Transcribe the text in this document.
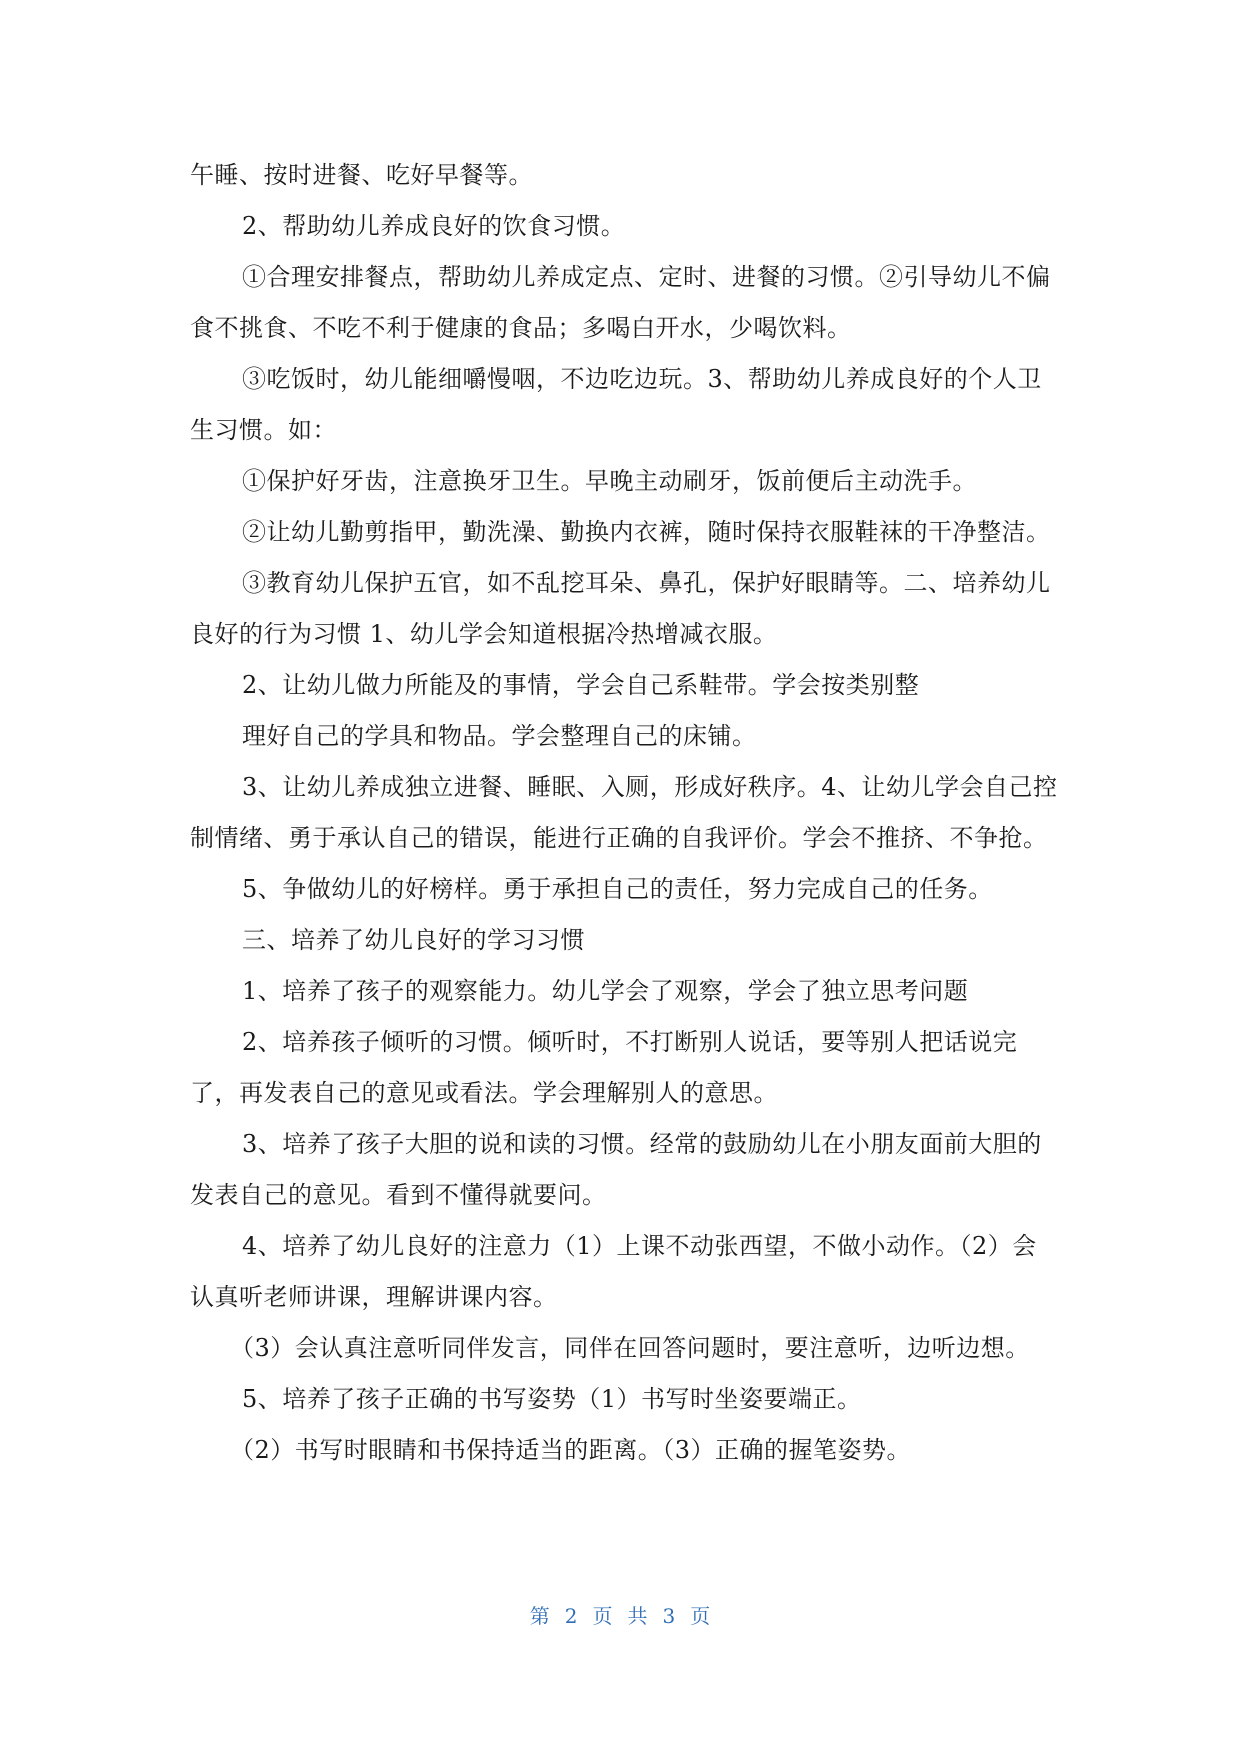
午睡、按时进餐、吃好早餐等。

2、帮助幼儿养成良好的饮食习惯。

①合理安排餐点，帮助幼儿养成定点、定时、进餐的习惯。②引导幼儿不偏食不挑食、不吃不利于健康的食品；多喝白开水，少喝饮料。

③吃饭时，幼儿能细嚼慢咽，不边吃边玩。3、帮助幼儿养成良好的个人卫生习惯。如：

①保护好牙齿，注意换牙卫生。早晚主动刷牙，饭前便后主动洗手。

②让幼儿勤剪指甲，勤洗澡、勤换内衣裤，随时保持衣服鞋袜的干净整洁。

③教育幼儿保护五官，如不乱挖耳朵、鼻孔，保护好眼睛等。二、培养幼儿良好的行为习惯 1、幼儿学会知道根据冷热增减衣服。

2、让幼儿做力所能及的事情，学会自己系鞋带。学会按类别整

理好自己的学具和物品。学会整理自己的床铺。

3、让幼儿养成独立进餐、睡眠、入厕，形成好秩序。4、让幼儿学会自己控制情绪、勇于承认自己的错误，能进行正确的自我评价。学会不推挤、不争抢。

5、争做幼儿的好榜样。勇于承担自己的责任，努力完成自己的任务。

三、培养了幼儿良好的学习习惯

1、培养了孩子的观察能力。幼儿学会了观察，学会了独立思考问题

2、培养孩子倾听的习惯。倾听时，不打断别人说话，要等别人把话说完了，再发表自己的意见或看法。学会理解别人的意思。

3、培养了孩子大胆的说和读的习惯。经常的鼓励幼儿在小朋友面前大胆的发表自己的意见。看到不懂得就要问。

4、培养了幼儿良好的注意力（1）上课不动张西望，不做小动作。（2）会认真听老师讲课，理解讲课内容。

（3）会认真注意听同伴发言，同伴在回答问题时，要注意听，边听边想。

5、培养了孩子正确的书写姿势（1）书写时坐姿要端正。

（2）书写时眼睛和书保持适当的距离。（3）正确的握笔姿势。

第 2 页 共 3 页
